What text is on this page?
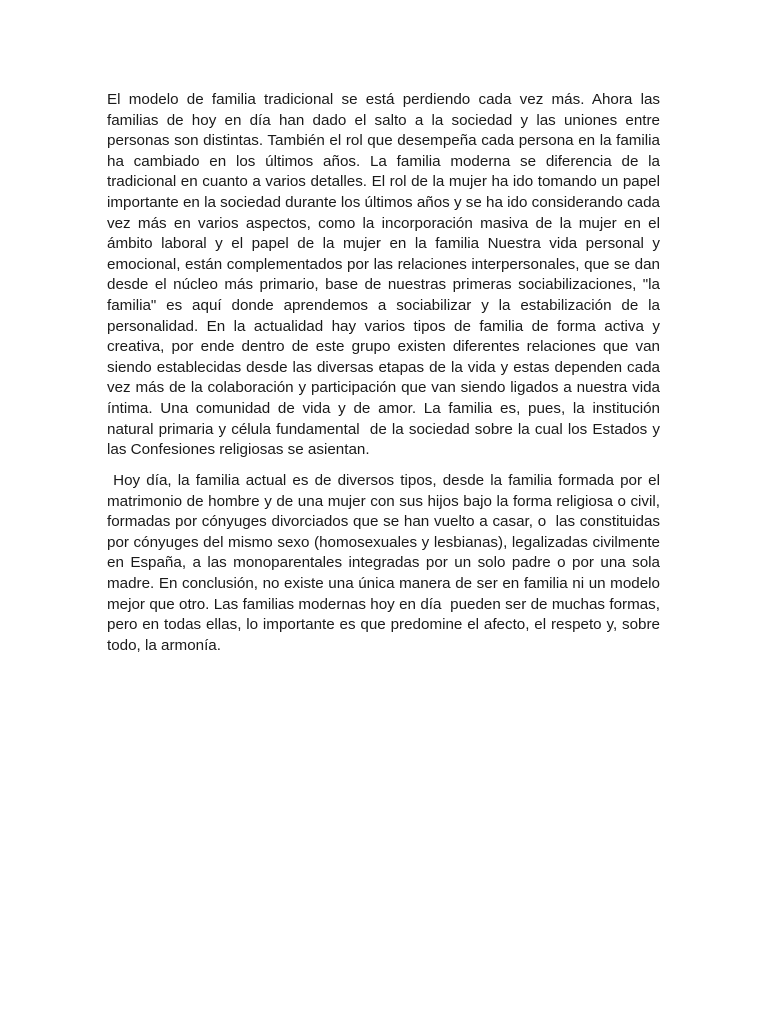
El modelo de familia tradicional se está perdiendo cada vez más. Ahora las familias de hoy en día han dado el salto a la sociedad y las uniones entre personas son distintas. También el rol que desempeña cada persona en la familia ha cambiado en los últimos años. La familia moderna se diferencia de la tradicional en cuanto a varios detalles. El rol de la mujer ha ido tomando un papel importante en la sociedad durante los últimos años y se ha ido considerando cada vez más en varios aspectos, como la incorporación masiva de la mujer en el ámbito laboral y el papel de la mujer en la familia Nuestra vida personal y emocional, están complementados por las relaciones interpersonales, que se dan desde el núcleo más primario, base de nuestras primeras sociabilizaciones, "la familia" es aquí donde aprendemos a sociabilizar y la estabilización de la personalidad. En la actualidad hay varios tipos de familia de forma activa y creativa, por ende dentro de este grupo existen diferentes relaciones que van siendo establecidas desde las diversas etapas de la vida y estas dependen cada vez más de la colaboración y participación que van siendo ligados a nuestra vida íntima. Una comunidad de vida y de amor. La familia es, pues, la institución natural primaria y célula fundamental  de la sociedad sobre la cual los Estados y las Confesiones religiosas se asientan.

Hoy día, la familia actual es de diversos tipos, desde la familia formada por el matrimonio de hombre y de una mujer con sus hijos bajo la forma religiosa o civil, formadas por cónyuges divorciados que se han vuelto a casar, o  las constituidas por cónyuges del mismo sexo (homosexuales y lesbianas), legalizadas civilmente en España, a las monoparentales integradas por un solo padre o por una sola madre. En conclusión, no existe una única manera de ser en familia ni un modelo mejor que otro. Las familias modernas hoy en día  pueden ser de muchas formas, pero en todas ellas, lo importante es que predomine el afecto, el respeto y, sobre todo, la armonía.
